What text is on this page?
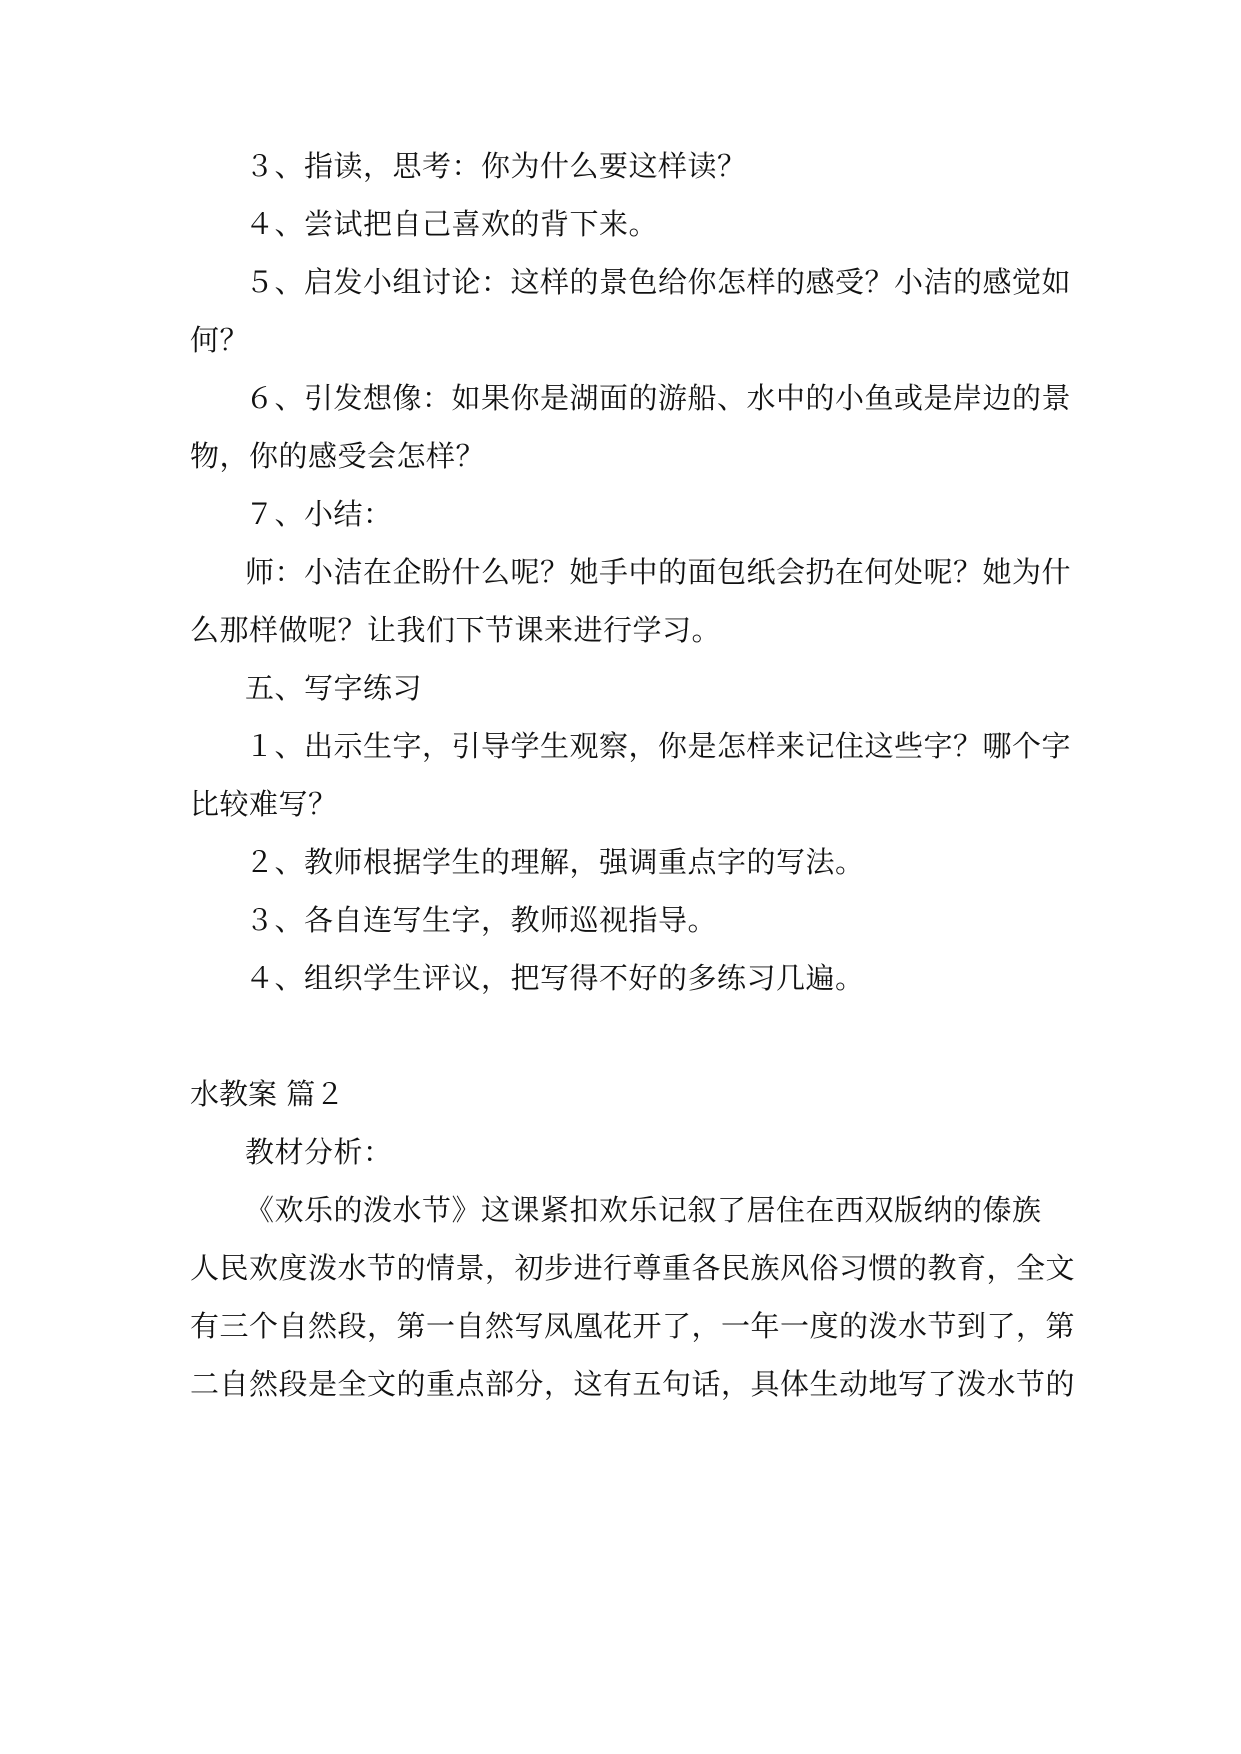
３、指读，思考：你为什么要这样读？
４、尝试把自己喜欢的背下来。
５、启发小组讨论：这样的景色给你怎样的感受？小洁的感觉如
何？
６、引发想像：如果你是湖面的游船、水中的小鱼或是岸边的景
物，你的感受会怎样？
７、小结：
师：小洁在企盼什么呢？她手中的面包纸会扔在何处呢？她为什
么那样做呢？让我们下节课来进行学习。
五、写字练习
１、出示生字，引导学生观察，你是怎样来记住这些字？哪个字
比较难写？
２、教师根据学生的理解，强调重点字的写法。
３、各自连写生字，教师巡视指导。
４、组织学生评议，把写得不好的多练习几遍。
水教案 篇２
教材分析：
《欢乐的泼水节》这课紧扣欢乐记叙了居住在西双版纳的傣族
人民欢度泼水节的情景，初步进行尊重各民族风俗习惯的教育，全文
有三个自然段，第一自然写凤凰花开了，一年一度的泼水节到了，第
二自然段是全文的重点部分，这有五句话，具体生动地写了泼水节的
